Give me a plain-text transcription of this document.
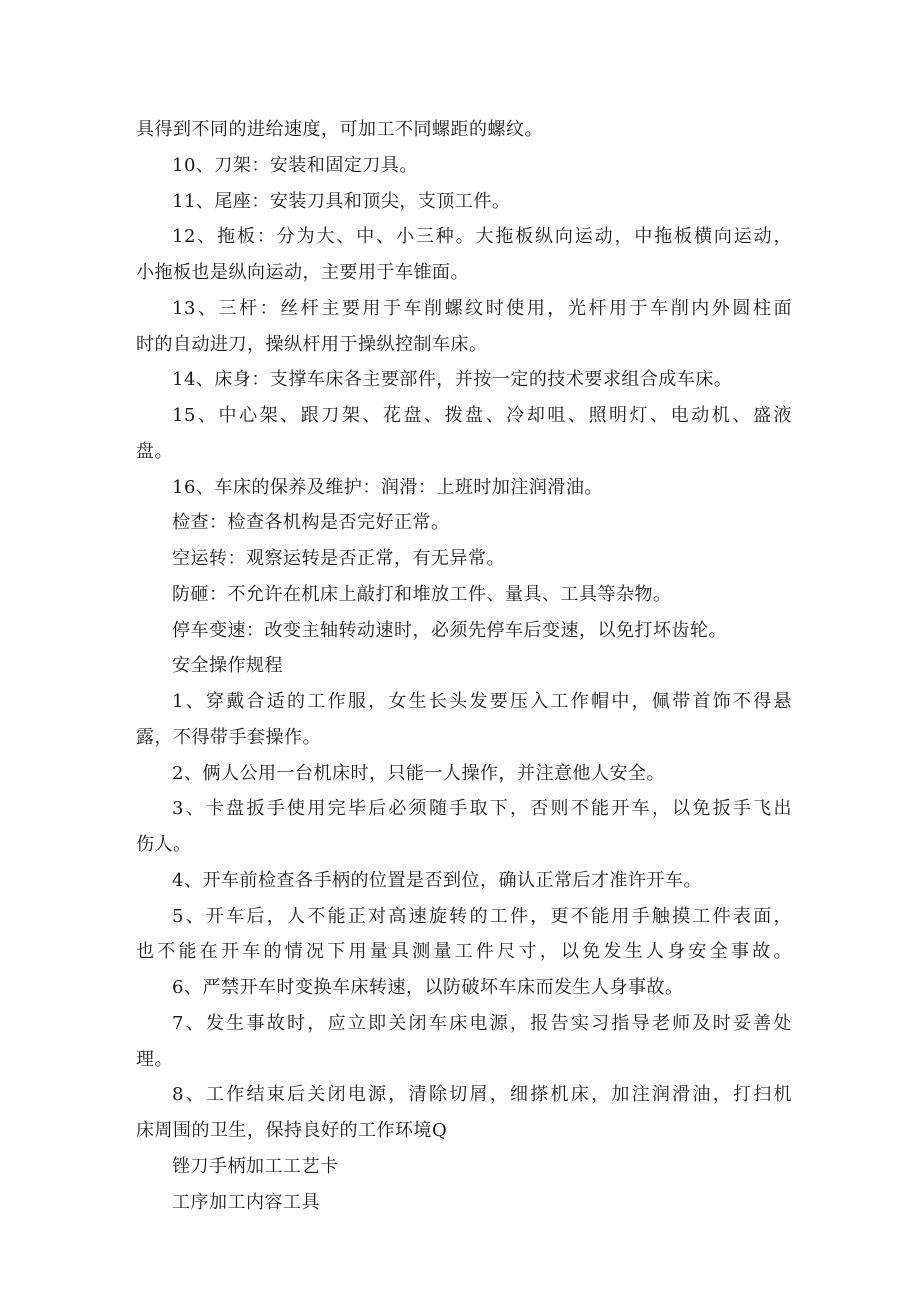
具得到不同的进给速度，可加工不同螺距的螺纹。
10、刀架：安装和固定刀具。
11、尾座：安装刀具和顶尖，支顶工件。
12、拖板：分为大、中、小三种。大拖板纵向运动，中拖板横向运动，
小拖板也是纵向运动，主要用于车锥面。
13、三杆：丝杆主要用于车削螺纹时使用，光杆用于车削内外圆柱面
时的自动进刀，操纵杆用于操纵控制车床。
14、床身：支撑车床各主要部件，并按一定的技术要求组合成车床。
15、中心架、跟刀架、花盘、拨盘、冷却咀、照明灯、电动机、盛液
盘。
16、车床的保养及维护：润滑：上班时加注润滑油。
检查：检查各机构是否完好正常。
空运转：观察运转是否正常，有无异常。
防砸：不允许在机床上敲打和堆放工件、量具、工具等杂物。
停车变速：改变主轴转动速时，必须先停车后变速，以免打坏齿轮。
安全操作规程
1、穿戴合适的工作服，女生长头发要压入工作帽中，佩带首饰不得悬
露，不得带手套操作。
2、俩人公用一台机床时，只能一人操作，并注意他人安全。
3、卡盘扳手使用完毕后必须随手取下，否则不能开车，以免扳手飞出
伤人。
4、开车前检查各手柄的位置是否到位，确认正常后才准许开车。
5、开车后，人不能正对高速旋转的工件，更不能用手触摸工件表面，
也不能在开车的情况下用量具测量工件尺寸，以免发生人身安全事故。
6、严禁开车时变换车床转速，以防破坏车床而发生人身事故。
7、发生事故时，应立即关闭车床电源，报告实习指导老师及时妥善处
理。
8、工作结束后关闭电源，清除切屑，细搽机床，加注润滑油，打扫机
床周围的卫生，保持良好的工作环境Q
锉刀手柄加工工艺卡
工序加工内容工具
